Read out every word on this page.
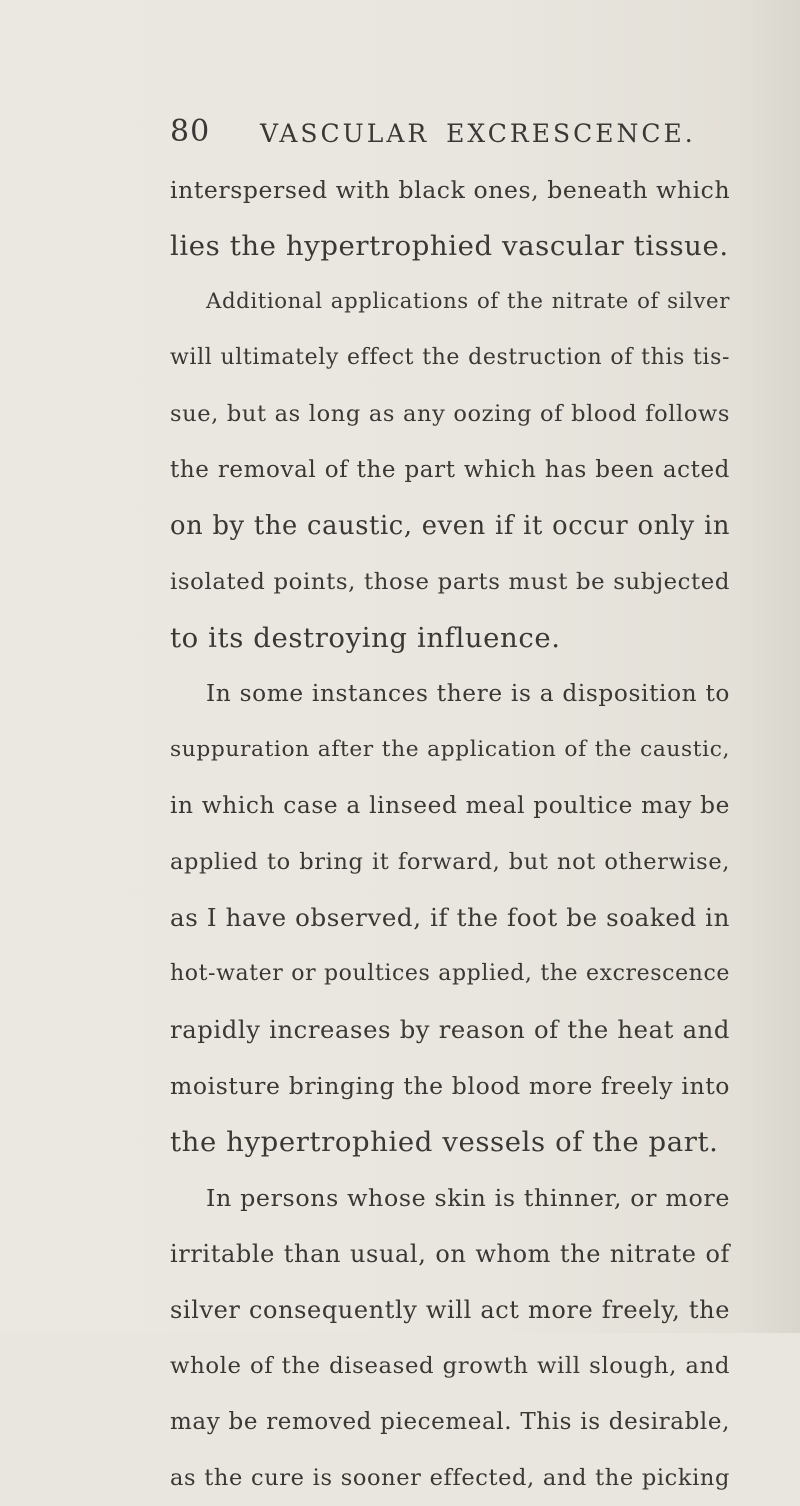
80 VASCULAR EXCRESCENCE.
interspersed with black ones, beneath which
lies the hypertrophied vascular tissue.
Additional applications of the nitrate of silver
will ultimately effect the destruction of this tis-
sue, but as long as any oozing of blood follows
the removal of the part which has been acted
on by the caustic, even if it occur only in
isolated points, those parts must be subjected
to its destroying influence.
In some instances there is a disposition to
suppuration after the application of the caustic,
in which case a linseed meal poultice may be
applied to bring it forward, but not otherwise,
as I have observed, if the foot be soaked in
hot-water or poultices applied, the excrescence
rapidly increases by reason of the heat and
moisture bringing the blood more freely into
the hypertrophied vessels of the part.
In persons whose skin is thinner, or more
irritable than usual, on whom the nitrate of
silver consequently will act more freely, the
whole of the diseased growth will slough, and
may be removed piecemeal. This is desirable,
as the cure is sooner effected, and the picking
